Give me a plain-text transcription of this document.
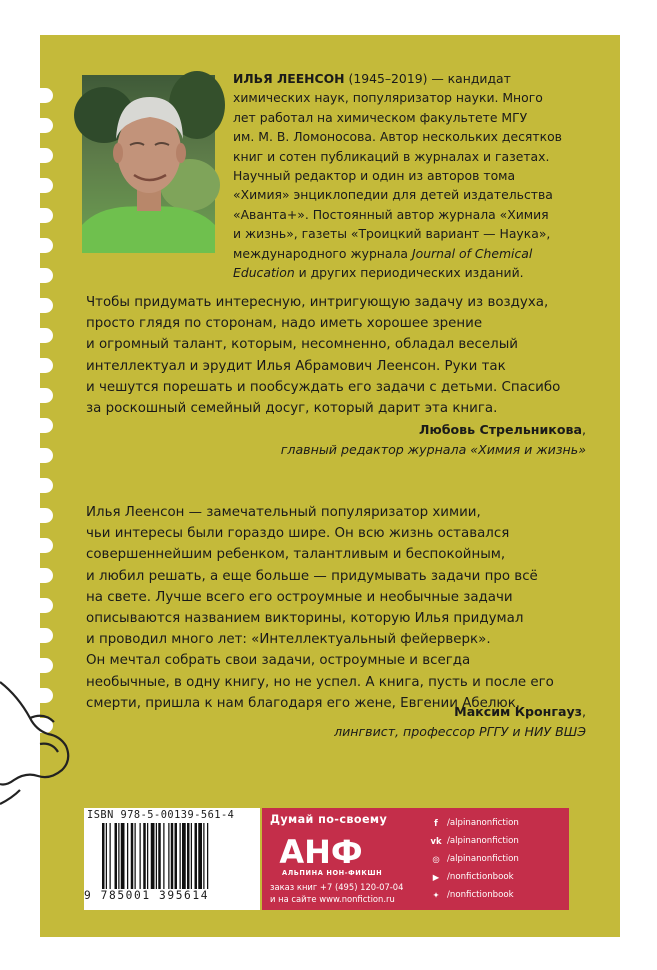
ИЛЬЯ ЛЕЕНСОН (1945–2019) — кандидат
химических наук, популяризатор науки. Много
лет работал на химическом факультете МГУ
им. М. В. Ломоносова. Автор нескольких десятков
книг и сотен публикаций в журналах и газетах.
Научный редактор и один из авторов тома
«Химия» энциклопедии для детей издательства
«Аванта+». Постоянный автор журнала «Химия
и жизнь», газеты «Троицкий вариант — Наука»,
международного журнала Journal of Chemical
Education и других периодических изданий.
Чтобы придумать интересную, интригующую задачу из воздуха,
просто глядя по сторонам, надо иметь хорошее зрение
и огромный талант, которым, несомненно, обладал веселый
интеллектуал и эрудит Илья Абрамович Леенсон. Руки так
и чешутся порешать и пообсуждать его задачи с детьми. Спасибо
за роскошный семейный досуг, который дарит эта книга.
Любовь Стрельникова,
главный редактор журнала «Химия и жизнь»
Илья Леенсон — замечательный популяризатор химии,
чьи интересы были гораздо шире. Он всю жизнь оставался
совершеннейшим ребенком, талантливым и беспокойным,
и любил решать, а еще больше — придумывать задачи про всё
на свете. Лучше всего его остроумные и необычные задачи
описываются названием викторины, которую Илья придумал
и проводил много лет: «Интеллектуальный фейерверк».
Он мечтал собрать свои задачи, остроумные и всегда
необычные, в одну книгу, но не успел. А книга, пусть и после его
смерти, пришла к нам благодаря его жене, Евгении Абелюк.
Максим Кронгауз,
лингвист, профессор РГГУ и НИУ ВШЭ
ISBN 978-5-00139-561-4
9 785001 395614
Думай по-своему
АНФ
АЛЬПИНА НОН-ФИКШН
заказ книг +7 (495) 120-07-04
и на сайте www.nonfiction.ru
f	/alpinanonfiction
vk /alpinanonfiction
◎ /alpinanonfiction
▶ /nonfictionbook
✦ /nonfictionbook
